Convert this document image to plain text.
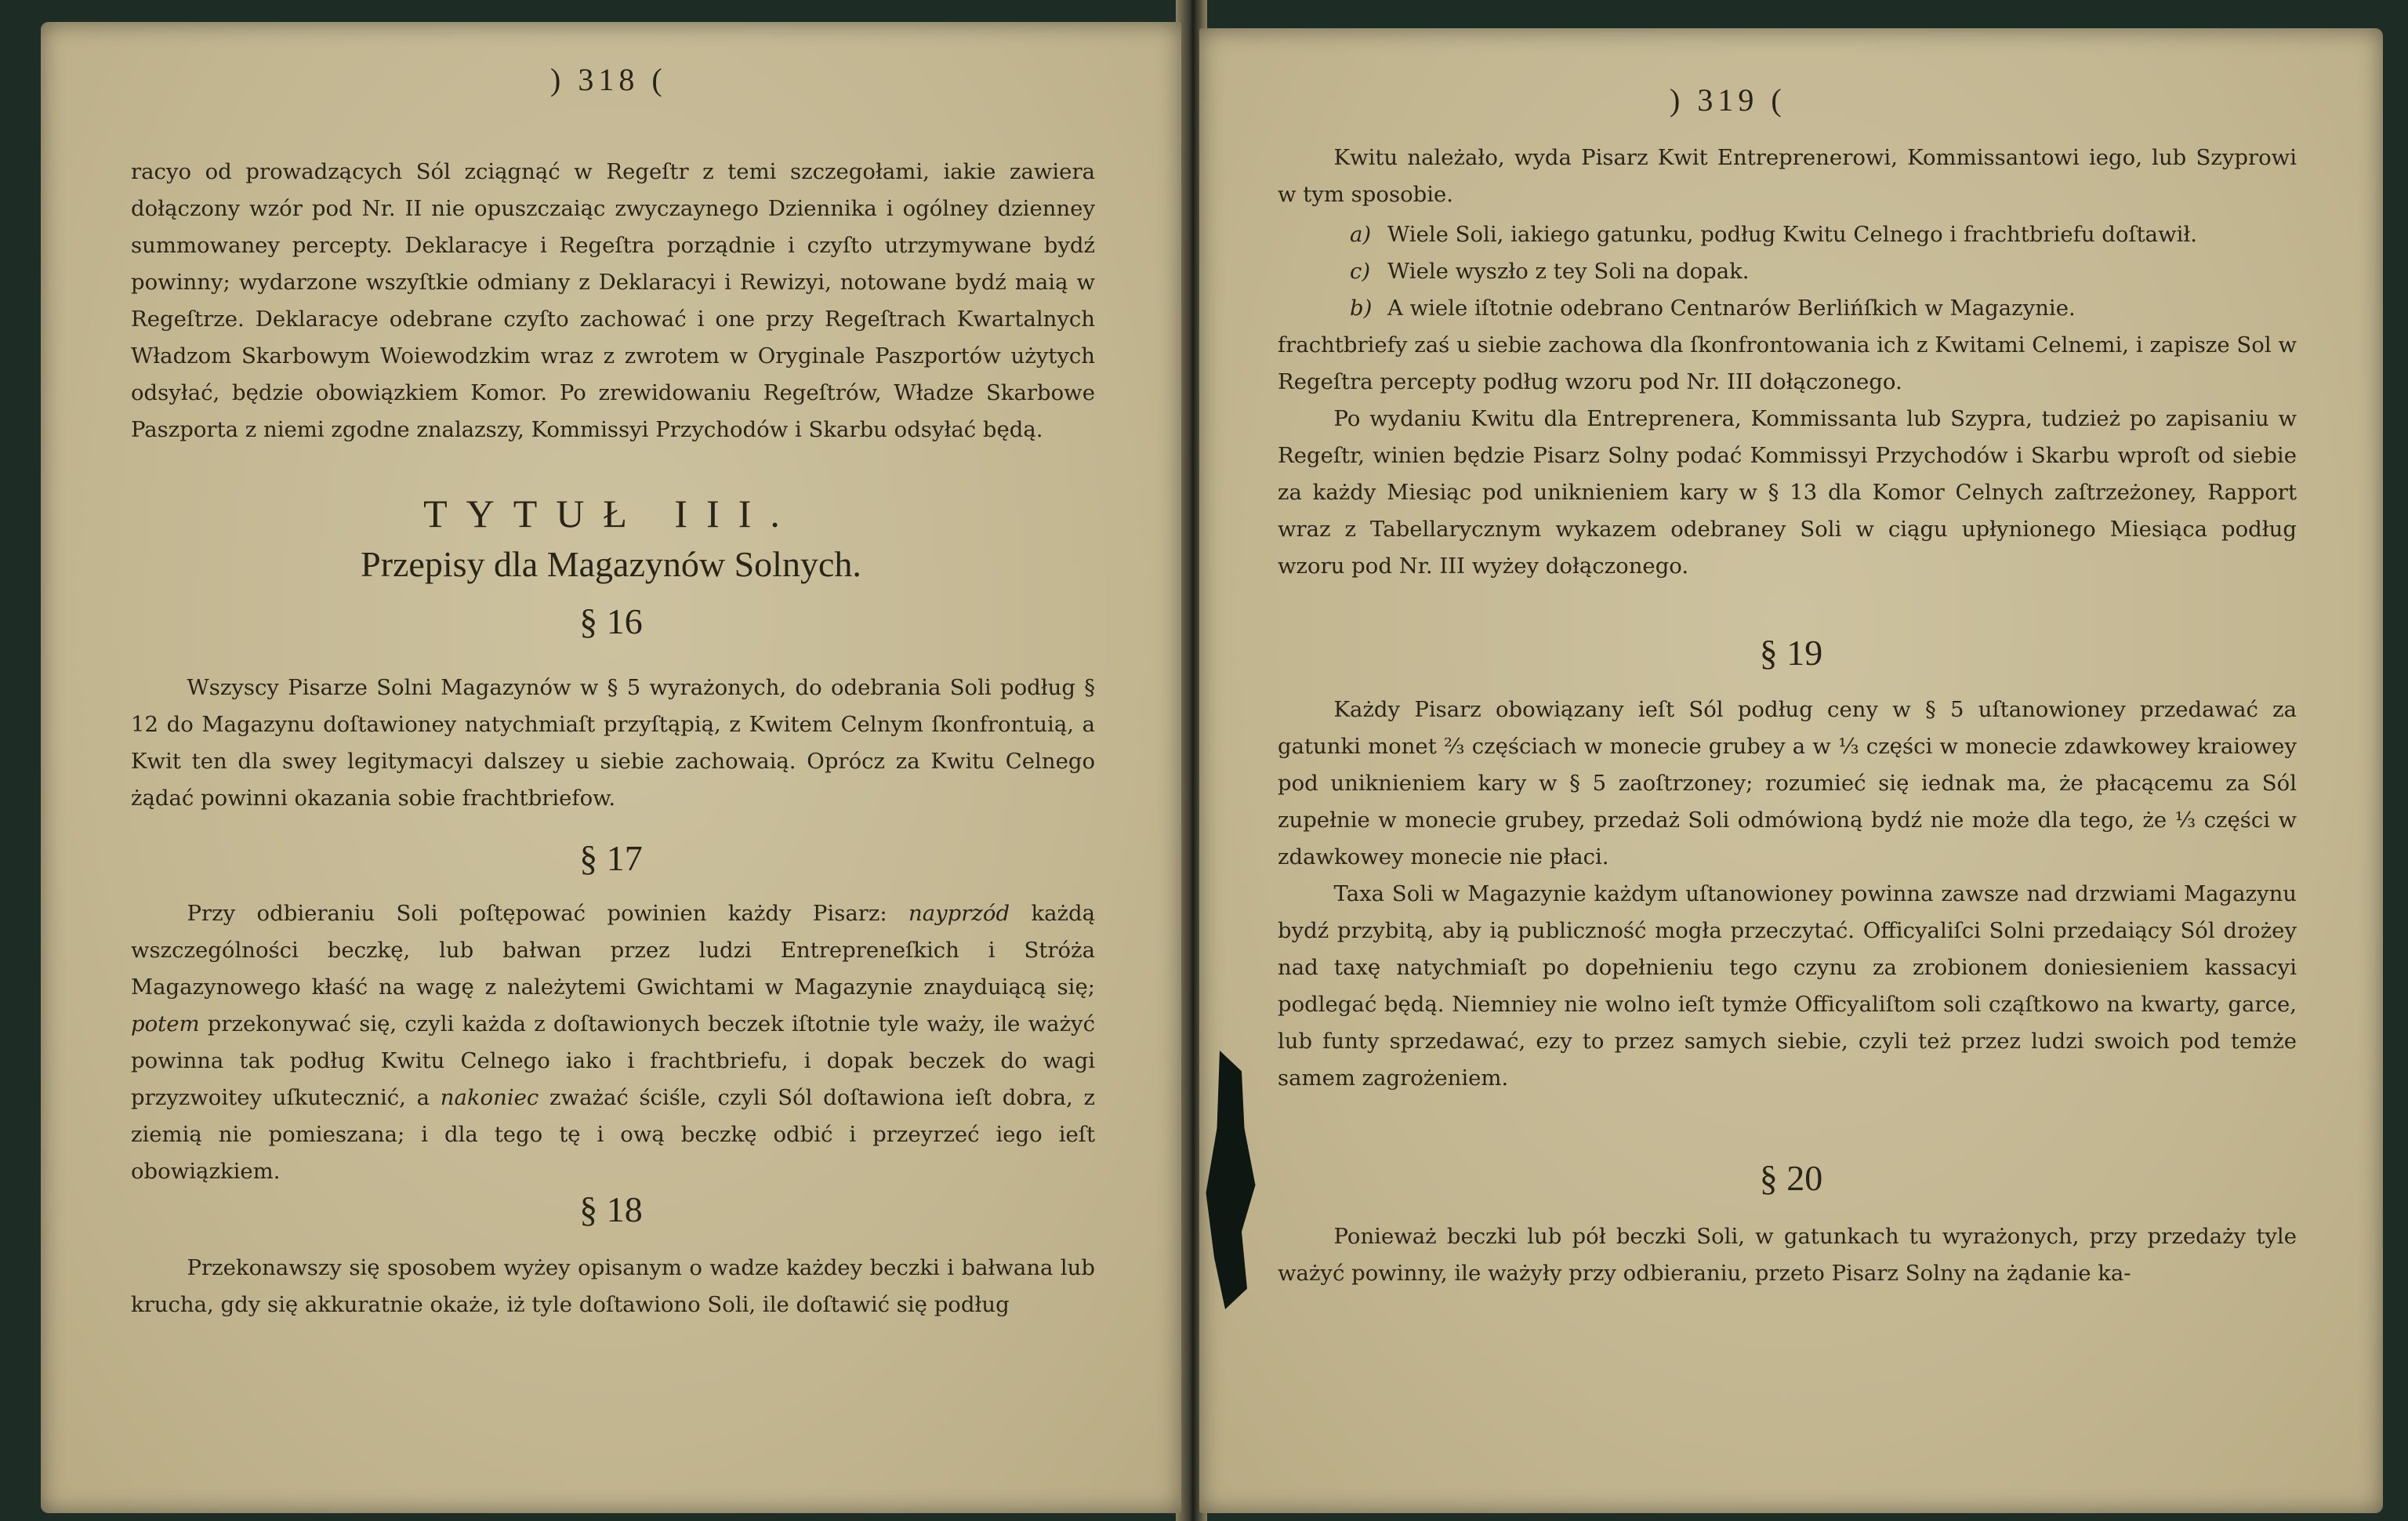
) 318 (

racyo od prowadzących Sól zciągnąć w Regeſtr z temi szczegołami, iakie zawiera dołączony wzór pod Nr. II nie opuszczaiąc zwyczaynego Dziennika i ogólney dzienney summowaney percepty. Deklaracye i Regeſtra porządnie i czyſto utrzymywane bydź powinny; wydarzone wszyſtkie odmiany z Deklaracyi i Rewizyi, notowane bydź maią w Regeſtrze. Deklaracye odebrane czyſto zachować i one przy Regeſtrach Kwartalnych Władzom Skarbowym Woiewodzkim wraz z zwrotem w Oryginale Paszportów użytych odsyłać, będzie obowiązkiem Komor. Po zrewidowaniu Regeſtrów, Władze Skarbowe Paszporta z niemi zgodne znalazszy, Kommissyi Przychodów i Skarbu odsyłać będą.

TYTUŁ III.
Przepisy dla Magazynów Solnych.
§ 16

Wszyscy Pisarze Solni Magazynów w § 5 wyrażonych, do odebrania Soli podług § 12 do Magazynu doſtawioney natychmiaſt przyſtąpią, z Kwitem Celnym ſkonfrontuią, a Kwit ten dla swey legitymacyi dalszey u siebie zachowaią. Oprócz za Kwitu Celnego żądać powinni okazania sobie frachtbriefow.

§ 17

Przy odbieraniu Soli poſtępować powinien każdy Pisarz: nayprzód każdą wszczególności beczkę, lub bałwan przez ludzi Entrepreneſkich i Stróża Magazynowego kłaść na wagę z należytemi Gwichtami w Magazynie znayduiącą się; potem przekonywać się, czyli każda z doſtawionych beczek iſtotnie tyle waży, ile ważyć powinna tak podług Kwitu Celnego iako i frachtbriefu, i dopak beczek do wagi przyzwoitey uſkutecznić, a nakoniec zważać ściśle, czyli Sól doſtawiona ieſt dobra, z ziemią nie pomieszana; i dla tego tę i ową beczkę odbić i przeyrzeć iego ieſt obowiązkiem.

§ 18

Przekonawszy się sposobem wyżey opisanym o wadze każdey beczki i bałwana lub krucha, gdy się akkuratnie okaże, iż tyle doſtawiono Soli, ile doſtawić się podług

) 319 (

Kwitu należało, wyda Pisarz Kwit Entreprenerowi, Kommissantowi iego, lub Szyprowi w tym sposobie.

a) Wiele Soli, iakiego gatunku, podług Kwitu Celnego i frachtbriefu doſtawił.
c) Wiele wyszło z tey Soli na dopak.
b) A wiele iſtotnie odebrano Centnarów Berlińſkich w Magazynie.

frachtbriefy zaś u siebie zachowa dla ſkonfrontowania ich z Kwitami Celnemi, i zapisze Sol w Regeſtra percepty podług wzoru pod Nr. III dołączonego.

Po wydaniu Kwitu dla Entreprenera, Kommissanta lub Szypra, tudzież po zapisaniu w Regeſtr, winien będzie Pisarz Solny podać Kommissyi Przychodów i Skarbu wproſt od siebie za każdy Miesiąc pod uniknieniem kary w § 13 dla Komor Celnych zaſtrzeżoney, Rapport wraz z Tabellarycznym wykazem odebraney Soli w ciągu upłynionego Miesiąca podług wzoru pod Nr. III wyżey dołączonego.

§ 19

Każdy Pisarz obowiązany ieſt Sól podług ceny w § 5 uſtanowioney przedawać za gatunki monet ⅔ częściach w monecie grubey a w ⅓ części w monecie zdawkowey kraiowey pod uniknieniem kary w § 5 zaoſtrzoney; rozumieć się iednak ma, że płacącemu za Sól zupełnie w monecie grubey, przedaż Soli odmówioną bydź nie może dla tego, że ⅓ części w zdawkowey monecie nie płaci.

Taxa Soli w Magazynie każdym uſtanowioney powinna zawsze nad drzwiami Magazynu bydź przybitą, aby ią publiczność mogła przeczytać. Officyaliſci Solni przedaiący Sól drożey nad taxę natychmiaſt po dopełnieniu tego czynu za zrobionem doniesieniem kassacyi podlegać będą. Niemniey nie wolno ieſt tymże Officyaliſtom soli cząſtkowo na kwarty, garce, lub funty sprzedawać, ezy to przez samych siebie, czyli też przez ludzi swoich pod temże samem zagrożeniem.

§ 20

Ponieważ beczki lub pół beczki Soli, w gatunkach tu wyrażonych, przy przedaży tyle ważyć powinny, ile ważyły przy odbieraniu, przeto Pisarz Solny na żądanie ka-
